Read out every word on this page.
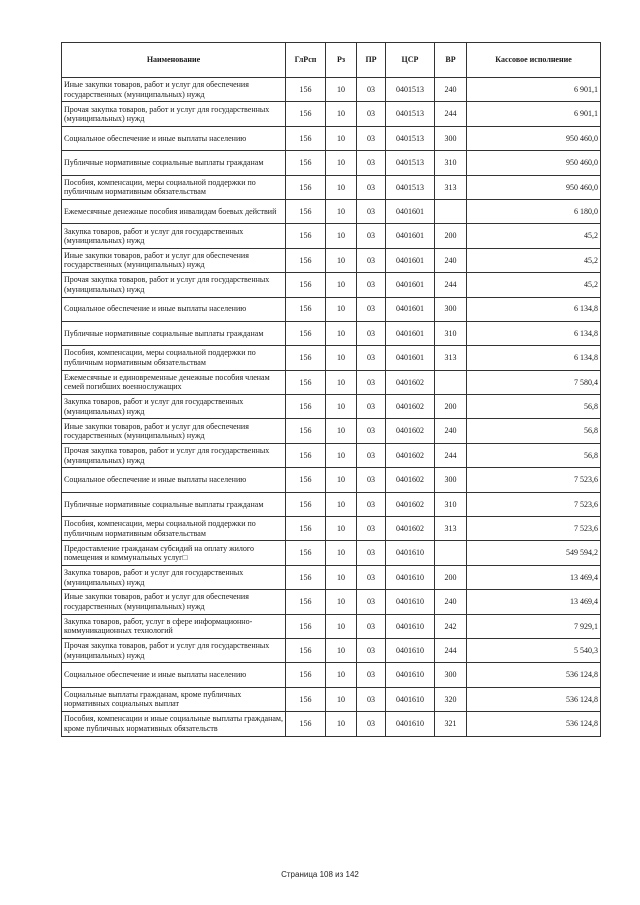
Наименование	ГлРсп	Рз	ПР	ЦСР	ВР	Кассовое исполнение
Иные закупки товаров, работ и услуг для обеспечения государственных (муниципальных) нужд	156	10	03	0401513	240	6 901,1
Прочая закупка товаров, работ и услуг для государственных (муниципальных) нужд	156	10	03	0401513	244	6 901,1
Социальное обеспечение и иные выплаты населению	156	10	03	0401513	300	950 460,0
Публичные нормативные социальные выплаты гражданам	156	10	03	0401513	310	950 460,0
Пособия, компенсации, меры социальной поддержки по публичным нормативным обязательствам	156	10	03	0401513	313	950 460,0
Ежемесячные денежные пособия инвалидам боевых действий	156	10	03	0401601		6 180,0
Закупка товаров, работ и услуг для государственных (муниципальных) нужд	156	10	03	0401601	200	45,2
Иные закупки товаров, работ и услуг для обеспечения государственных (муниципальных) нужд	156	10	03	0401601	240	45,2
Прочая закупка товаров, работ и услуг для государственных (муниципальных) нужд	156	10	03	0401601	244	45,2
Социальное обеспечение и иные выплаты населению	156	10	03	0401601	300	6 134,8
Публичные нормативные социальные выплаты гражданам	156	10	03	0401601	310	6 134,8
Пособия, компенсации, меры социальной поддержки по публичным нормативным обязательствам	156	10	03	0401601	313	6 134,8
Ежемесячные и единовременные денежные пособия членам семей погибших военнослужащих	156	10	03	0401602		7 580,4
Закупка товаров, работ и услуг для государственных (муниципальных) нужд	156	10	03	0401602	200	56,8
Иные закупки товаров, работ и услуг для обеспечения государственных (муниципальных) нужд	156	10	03	0401602	240	56,8
Прочая закупка товаров, работ и услуг для государственных (муниципальных) нужд	156	10	03	0401602	244	56,8
Социальное обеспечение и иные выплаты населению	156	10	03	0401602	300	7 523,6
Публичные нормативные социальные выплаты гражданам	156	10	03	0401602	310	7 523,6
Пособия, компенсации, меры социальной поддержки по публичным нормативным обязательствам	156	10	03	0401602	313	7 523,6
Предоставление гражданам субсидий на оплату жилого помещения и коммунальных услуг□	156	10	03	0401610		549 594,2
Закупка товаров, работ и услуг для государственных (муниципальных) нужд	156	10	03	0401610	200	13 469,4
Иные закупки товаров, работ и услуг для обеспечения государственных (муниципальных) нужд	156	10	03	0401610	240	13 469,4
Закупка товаров, работ, услуг в сфере информационно-коммуникационных технологий	156	10	03	0401610	242	7 929,1
Прочая закупка товаров, работ и услуг для государственных (муниципальных) нужд	156	10	03	0401610	244	5 540,3
Социальное обеспечение и иные выплаты населению	156	10	03	0401610	300	536 124,8
Социальные выплаты гражданам, кроме публичных нормативных социальных выплат	156	10	03	0401610	320	536 124,8
Пособия, компенсации и иные социальные выплаты гражданам, кроме публичных нормативных обязательств	156	10	03	0401610	321	536 124,8
Страница 108 из 142
